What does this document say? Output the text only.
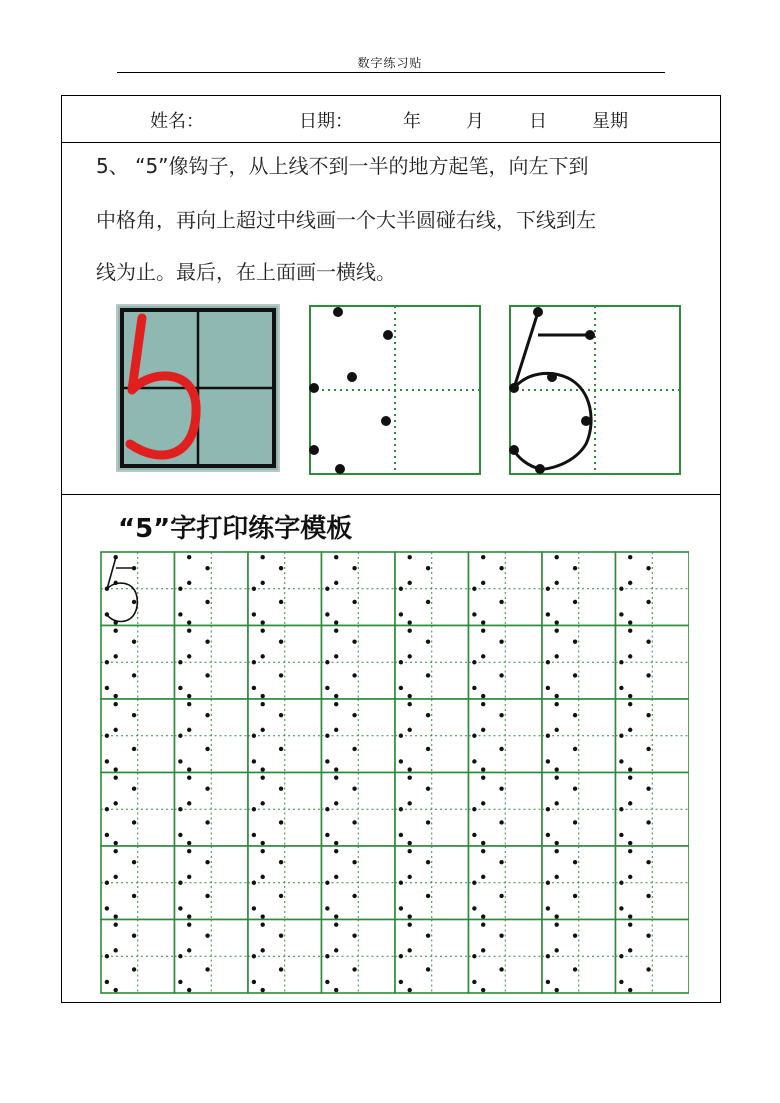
数字练习贴
姓名：	日期：	年	月	日	星期
5、 “5”像钩子，从上线不到一半的地方起笔，向左下到
中格角，再向上超过中线画一个大半圆碰右线，下线到左
线为止。最后，在上面画一横线。
“5”字打印练字模板
